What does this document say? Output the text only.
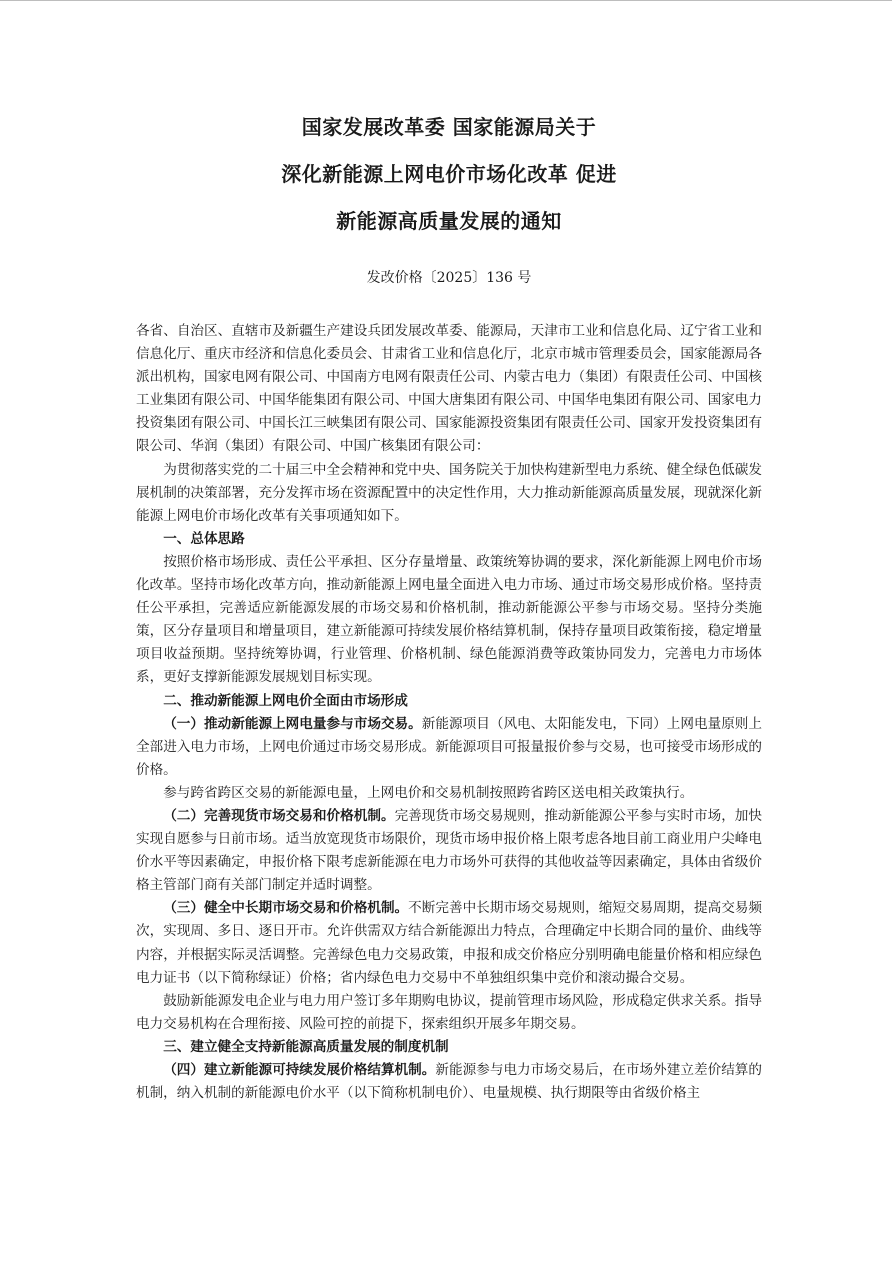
国家发展改革委 国家能源局关于

深化新能源上网电价市场化改革 促进

新能源高质量发展的通知

发改价格〔2025〕136 号

各省、自治区、直辖市及新疆生产建设兵团发展改革委、能源局，天津市工业和信息化局、辽宁省工业和信息化厅、重庆市经济和信息化委员会、甘肃省工业和信息化厅，北京市城市管理委员会，国家能源局各派出机构，国家电网有限公司、中国南方电网有限责任公司、内蒙古电力（集团）有限责任公司、中国核工业集团有限公司、中国华能集团有限公司、中国大唐集团有限公司、中国华电集团有限公司、国家电力投资集团有限公司、中国长江三峡集团有限公司、国家能源投资集团有限责任公司、国家开发投资集团有限公司、华润（集团）有限公司、中国广核集团有限公司：

为贯彻落实党的二十届三中全会精神和党中央、国务院关于加快构建新型电力系统、健全绿色低碳发展机制的决策部署，充分发挥市场在资源配置中的决定性作用，大力推动新能源高质量发展，现就深化新能源上网电价市场化改革有关事项通知如下。

一、总体思路

按照价格市场形成、责任公平承担、区分存量增量、政策统筹协调的要求，深化新能源上网电价市场化改革。坚持市场化改革方向，推动新能源上网电量全面进入电力市场、通过市场交易形成价格。坚持责任公平承担，完善适应新能源发展的市场交易和价格机制，推动新能源公平参与市场交易。坚持分类施策，区分存量项目和增量项目，建立新能源可持续发展价格结算机制，保持存量项目政策衔接，稳定增量项目收益预期。坚持统筹协调，行业管理、价格机制、绿色能源消费等政策协同发力，完善电力市场体系，更好支撑新能源发展规划目标实现。

二、推动新能源上网电价全面由市场形成

（一）推动新能源上网电量参与市场交易。新能源项目（风电、太阳能发电，下同）上网电量原则上全部进入电力市场，上网电价通过市场交易形成。新能源项目可报量报价参与交易，也可接受市场形成的价格。

参与跨省跨区交易的新能源电量，上网电价和交易机制按照跨省跨区送电相关政策执行。

（二）完善现货市场交易和价格机制。完善现货市场交易规则，推动新能源公平参与实时市场，加快实现自愿参与日前市场。适当放宽现货市场限价，现货市场申报价格上限考虑各地目前工商业用户尖峰电价水平等因素确定，申报价格下限考虑新能源在电力市场外可获得的其他收益等因素确定，具体由省级价格主管部门商有关部门制定并适时调整。

（三）健全中长期市场交易和价格机制。不断完善中长期市场交易规则，缩短交易周期，提高交易频次，实现周、多日、逐日开市。允许供需双方结合新能源出力特点，合理确定中长期合同的量价、曲线等内容，并根据实际灵活调整。完善绿色电力交易政策，申报和成交价格应分别明确电能量价格和相应绿色电力证书（以下简称绿证）价格；省内绿色电力交易中不单独组织集中竞价和滚动撮合交易。

鼓励新能源发电企业与电力用户签订多年期购电协议，提前管理市场风险，形成稳定供求关系。指导电力交易机构在合理衔接、风险可控的前提下，探索组织开展多年期交易。

三、建立健全支持新能源高质量发展的制度机制

（四）建立新能源可持续发展价格结算机制。新能源参与电力市场交易后，在市场外建立差价结算的机制，纳入机制的新能源电价水平（以下简称机制电价）、电量规模、执行期限等由省级价格主
